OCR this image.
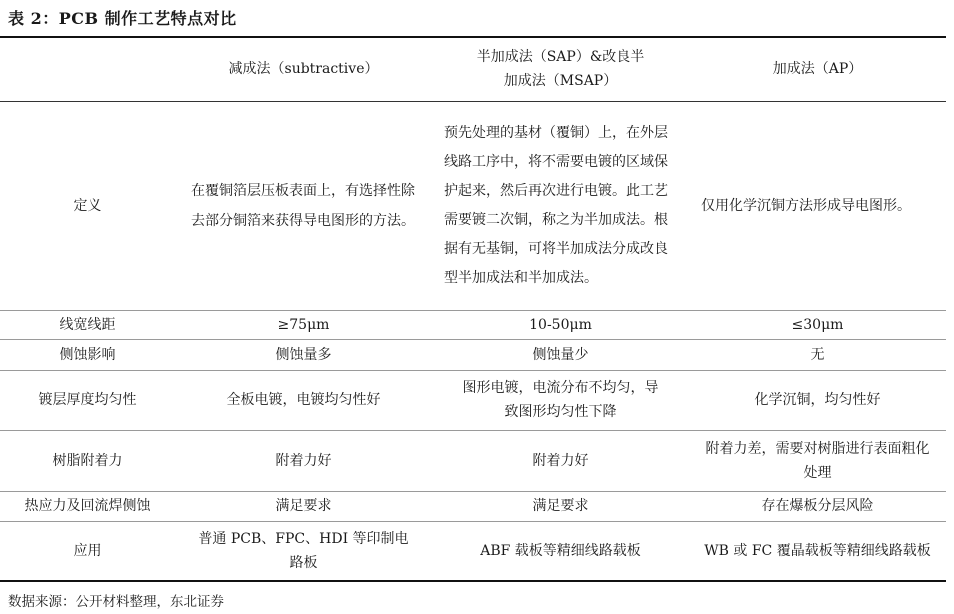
表 2：PCB 制作工艺特点对比
	减成法（subtractive）	半加成法（SAP）&改良半加成法（MSAP）	加成法（AP）
定义	在覆铜箔层压板表面上，有选择性除去部分铜箔来获得导电图形的方法。	预先处理的基材（覆铜）上，在外层线路工序中，将不需要电镀的区域保护起来，然后再次进行电镀。此工艺需要镀二次铜，称之为半加成法。根据有无基铜，可将半加成法分成改良型半加成法和半加成法。	仅用化学沉铜方法形成导电图形。
线宽线距	≥75μm	10-50μm	≤30μm
侧蚀影响	侧蚀量多	侧蚀量少	无
镀层厚度均匀性	全板电镀，电镀均匀性好	图形电镀，电流分布不均匀，导致图形均匀性下降	化学沉铜，均匀性好
树脂附着力	附着力好	附着力好	附着力差，需要对树脂进行表面粗化处理
热应力及回流焊侧蚀	满足要求	满足要求	存在爆板分层风险
应用	普通 PCB、FPC、HDI 等印制电路板	ABF 载板等精细线路载板	WB 或 FC 覆晶载板等精细线路载板
数据来源：公开材料整理，东北证券
